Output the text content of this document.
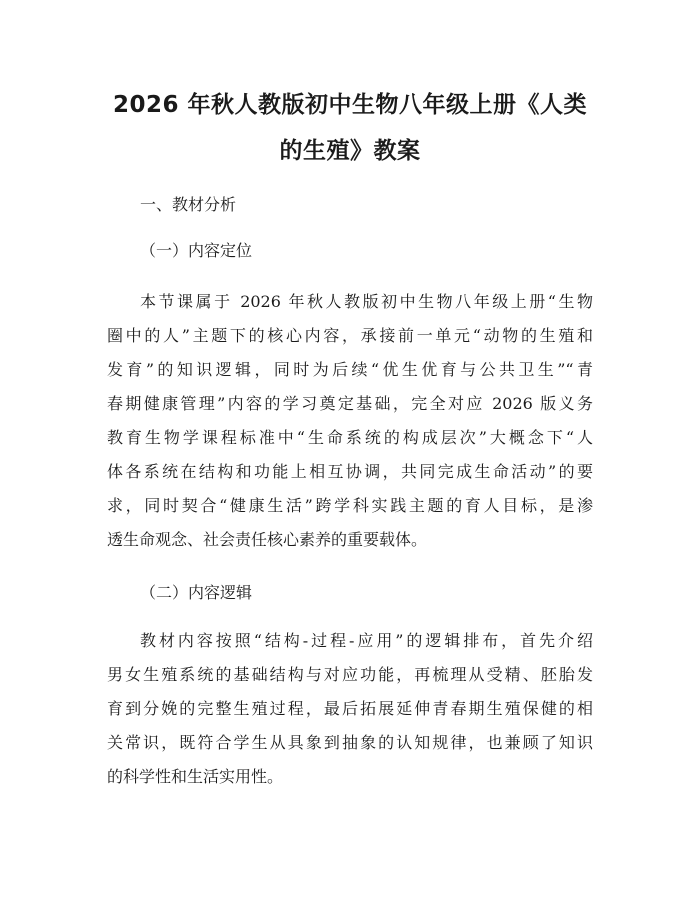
2026 年秋人教版初中生物八年级上册《人类
的生殖》教案

一、教材分析

（一）内容定位

本节课属于 2026 年秋人教版初中生物八年级上册“生物
圈中的人”主题下的核心内容，承接前一单元“动物的生殖和
发育”的知识逻辑，同时为后续“优生优育与公共卫生”“青
春期健康管理”内容的学习奠定基础，完全对应 2026 版义务
教育生物学课程标准中“生命系统的构成层次”大概念下“人
体各系统在结构和功能上相互协调，共同完成生命活动”的要
求，同时契合“健康生活”跨学科实践主题的育人目标，是渗
透生命观念、社会责任核心素养的重要载体。

（二）内容逻辑

教材内容按照“结构-过程-应用”的逻辑排布，首先介绍
男女生殖系统的基础结构与对应功能，再梳理从受精、胚胎发
育到分娩的完整生殖过程，最后拓展延伸青春期生殖保健的相
关常识，既符合学生从具象到抽象的认知规律，也兼顾了知识
的科学性和生活实用性。
